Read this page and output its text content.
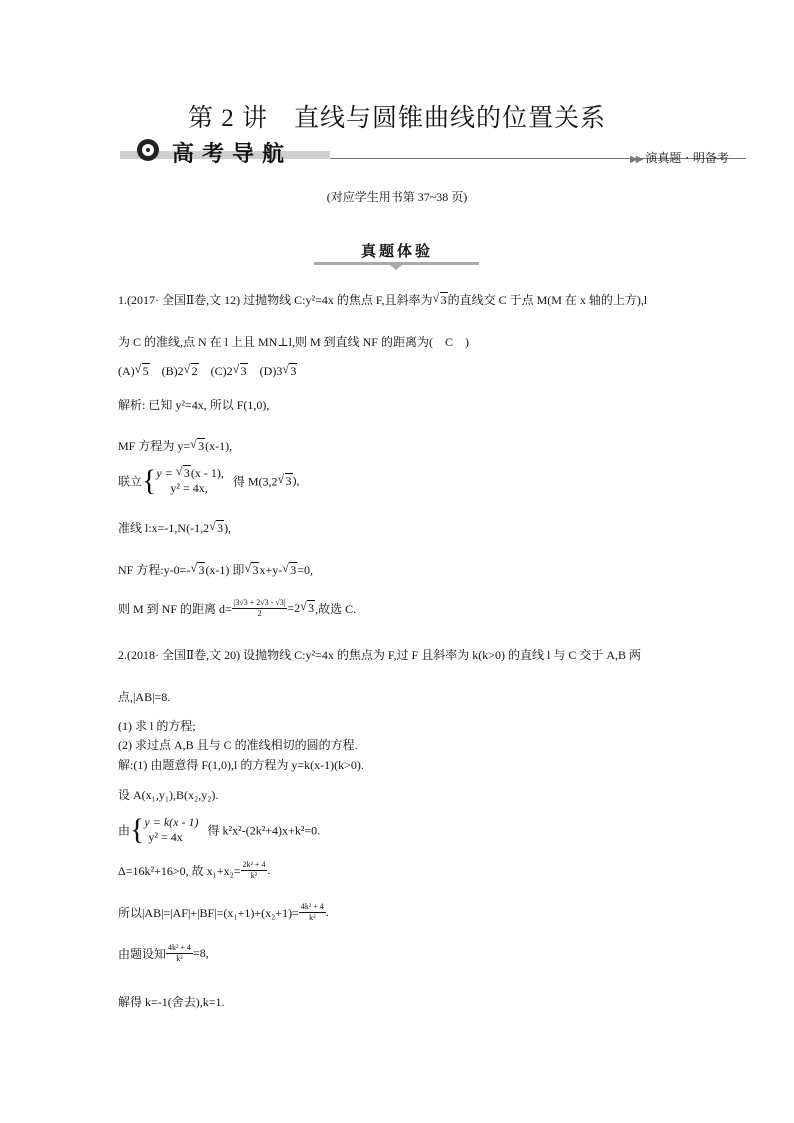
第 2 讲　直线与圆锥曲线的位置关系
高考导航	▶▶ 演真题 · 明备考
(对应学生用书第 37~38 页)
真题体验
1.(2017· 全国Ⅱ卷,文 12) 过抛物线 C:y²=4x 的焦点 F,且斜率为√ 3的直线交 C 于点 M(M 在 x 轴的上方),l
为 C 的准线,点 N 在 l 上且 MN⊥l,则 M 到直线 NF 的距离为(　C　)
(A)√ 5 (B)2√ 2 (C)2√ 3 (D)3√ 3
解析: 已知 y²=4x, 所以 F(1,0),
MF 方程为 y=√ 3(x-1),
联立{ y = √ 3(x - 1),
y² = 4x,	得 M(3,2√ 3),
准线 l:x=-1,N(-1,2√ 3),
NF 方程:y-0=-√ 3(x-1) 即√ 3x+y-√ 3=0,
则 M 到 NF 的距离 $d= \frac{|3√3 + 2√3 - √3|}{2} =2√$ 3,故选 C.
2.(2018· 全国Ⅱ卷,文 20) 设抛物线 C:y²=4x 的焦点为 F,过 F 且斜率为 k(k>0) 的直线 l 与 C 交于 A,B 两
点,|AB|=8.
(1) 求 l 的方程;
(2) 求过点 A,B 且与 C 的准线相切的圆的方程.
解:(1) 由题意得 F(1,0),l 的方程为 y=k(x-1)(k>0).
设 A(x₁,y₁),B(x₂,y₂).
由{ y = k(x - 1)
y² = 4x	得 k²x²-(2k²+4)x+k²=0.
Δ=16k²+16>0, 故 $x_1+x_2= \frac{\text{2k² + 4}}{\text{k²}}$ .
所以$|AB|=|AF|+|BF|=(x_1+1)+(x_2+1)= \frac{\text{4k² + 4}}{\text{k²}}$ .
由题设知 $\frac{\text{4k² + 4}}{\text{k²}} =8$,
解得 k=-1(舍去),k=1.
